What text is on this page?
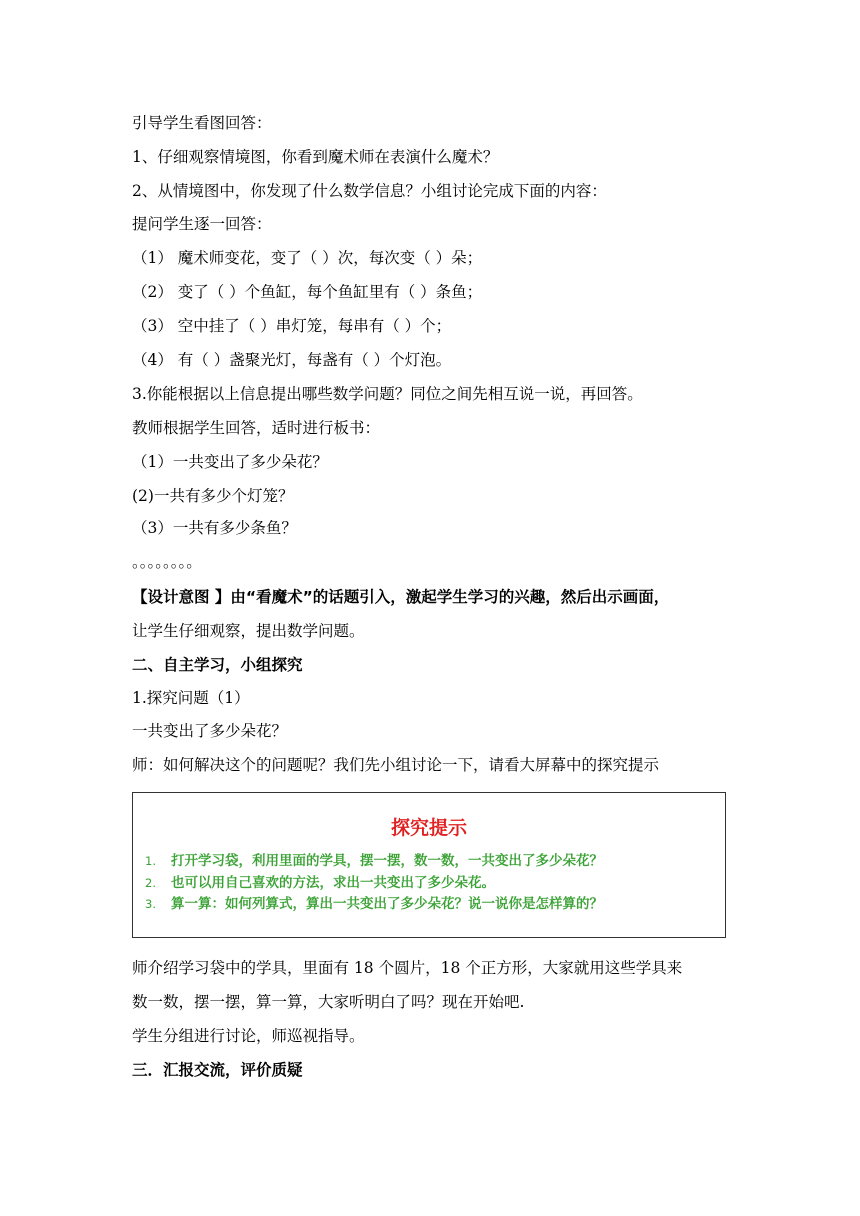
引导学生看图回答：
1、仔细观察情境图，你看到魔术师在表演什么魔术？
2、从情境图中，你发现了什么数学信息？小组讨论完成下面的内容：
提问学生逐一回答：
（1） 魔术师变花，变了（ ）次，每次变（ ）朵；
（2） 变了（ ）个鱼缸，每个鱼缸里有（ ）条鱼；
（3） 空中挂了（ ）串灯笼，每串有（ ）个；
（4） 有（ ）盏聚光灯，每盏有（ ）个灯泡。
3.你能根据以上信息提出哪些数学问题？同位之间先相互说一说，再回答。
教师根据学生回答，适时进行板书：
（1）一共变出了多少朵花？
(2)一共有多少个灯笼？
（3）一共有多少条鱼？
。。。。。。。。
【设计意图 】由“看魔术”的话题引入，激起学生学习的兴趣，然后出示画面，
让学生仔细观察，提出数学问题。
二、自主学习，小组探究
1.探究问题（1）
一共变出了多少朵花？
师：如何解决这个的问题呢？我们先小组讨论一下，请看大屏幕中的探究提示
探究提示
1. 打开学习袋，利用里面的学具，摆一摆，数一数，一共变出了多少朵花？
2. 也可以用自己喜欢的方法，求出一共变出了多少朵花。
3. 算一算：如何列算式，算出一共变出了多少朵花？说一说你是怎样算的？
师介绍学习袋中的学具，里面有 18 个圆片，18 个正方形，大家就用这些学具来
数一数，摆一摆，算一算，大家听明白了吗？现在开始吧.
学生分组进行讨论，师巡视指导。
三．汇报交流，评价质疑
